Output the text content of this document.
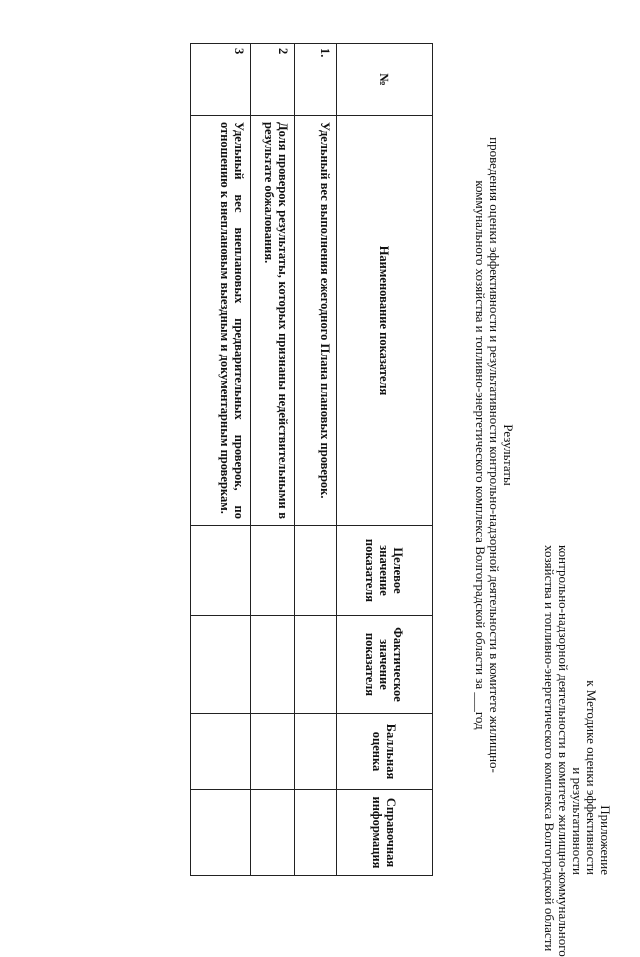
Приложение
к Методике оценки эффективности
и результативности
контрольно-надзорной деятельности в комитете жилищно-коммунального
хозяйства и топливно-энергетического комплекса Волгоградской области
Результаты
проведения оценки эффективности и результативности контрольно-надзорной деятельности в комитете жилищно-
коммунального хозяйства и топливно-энергетического комплекса Волгоградской области за ___год
№	Наименование показателя	Целевое значение показателя	Фактическое значение показателя	Балльная оценка	Справочная информация
1.	Удельный вес выполнения ежегодного Плана плановых проверок.				
2	Доля проверок результаты, которых признаны недействительными в результате обжалования.				
3	Удельный вес внеплановых предварительных проверок, по отношению к внеплановым выездным и документарным проверкам.				
